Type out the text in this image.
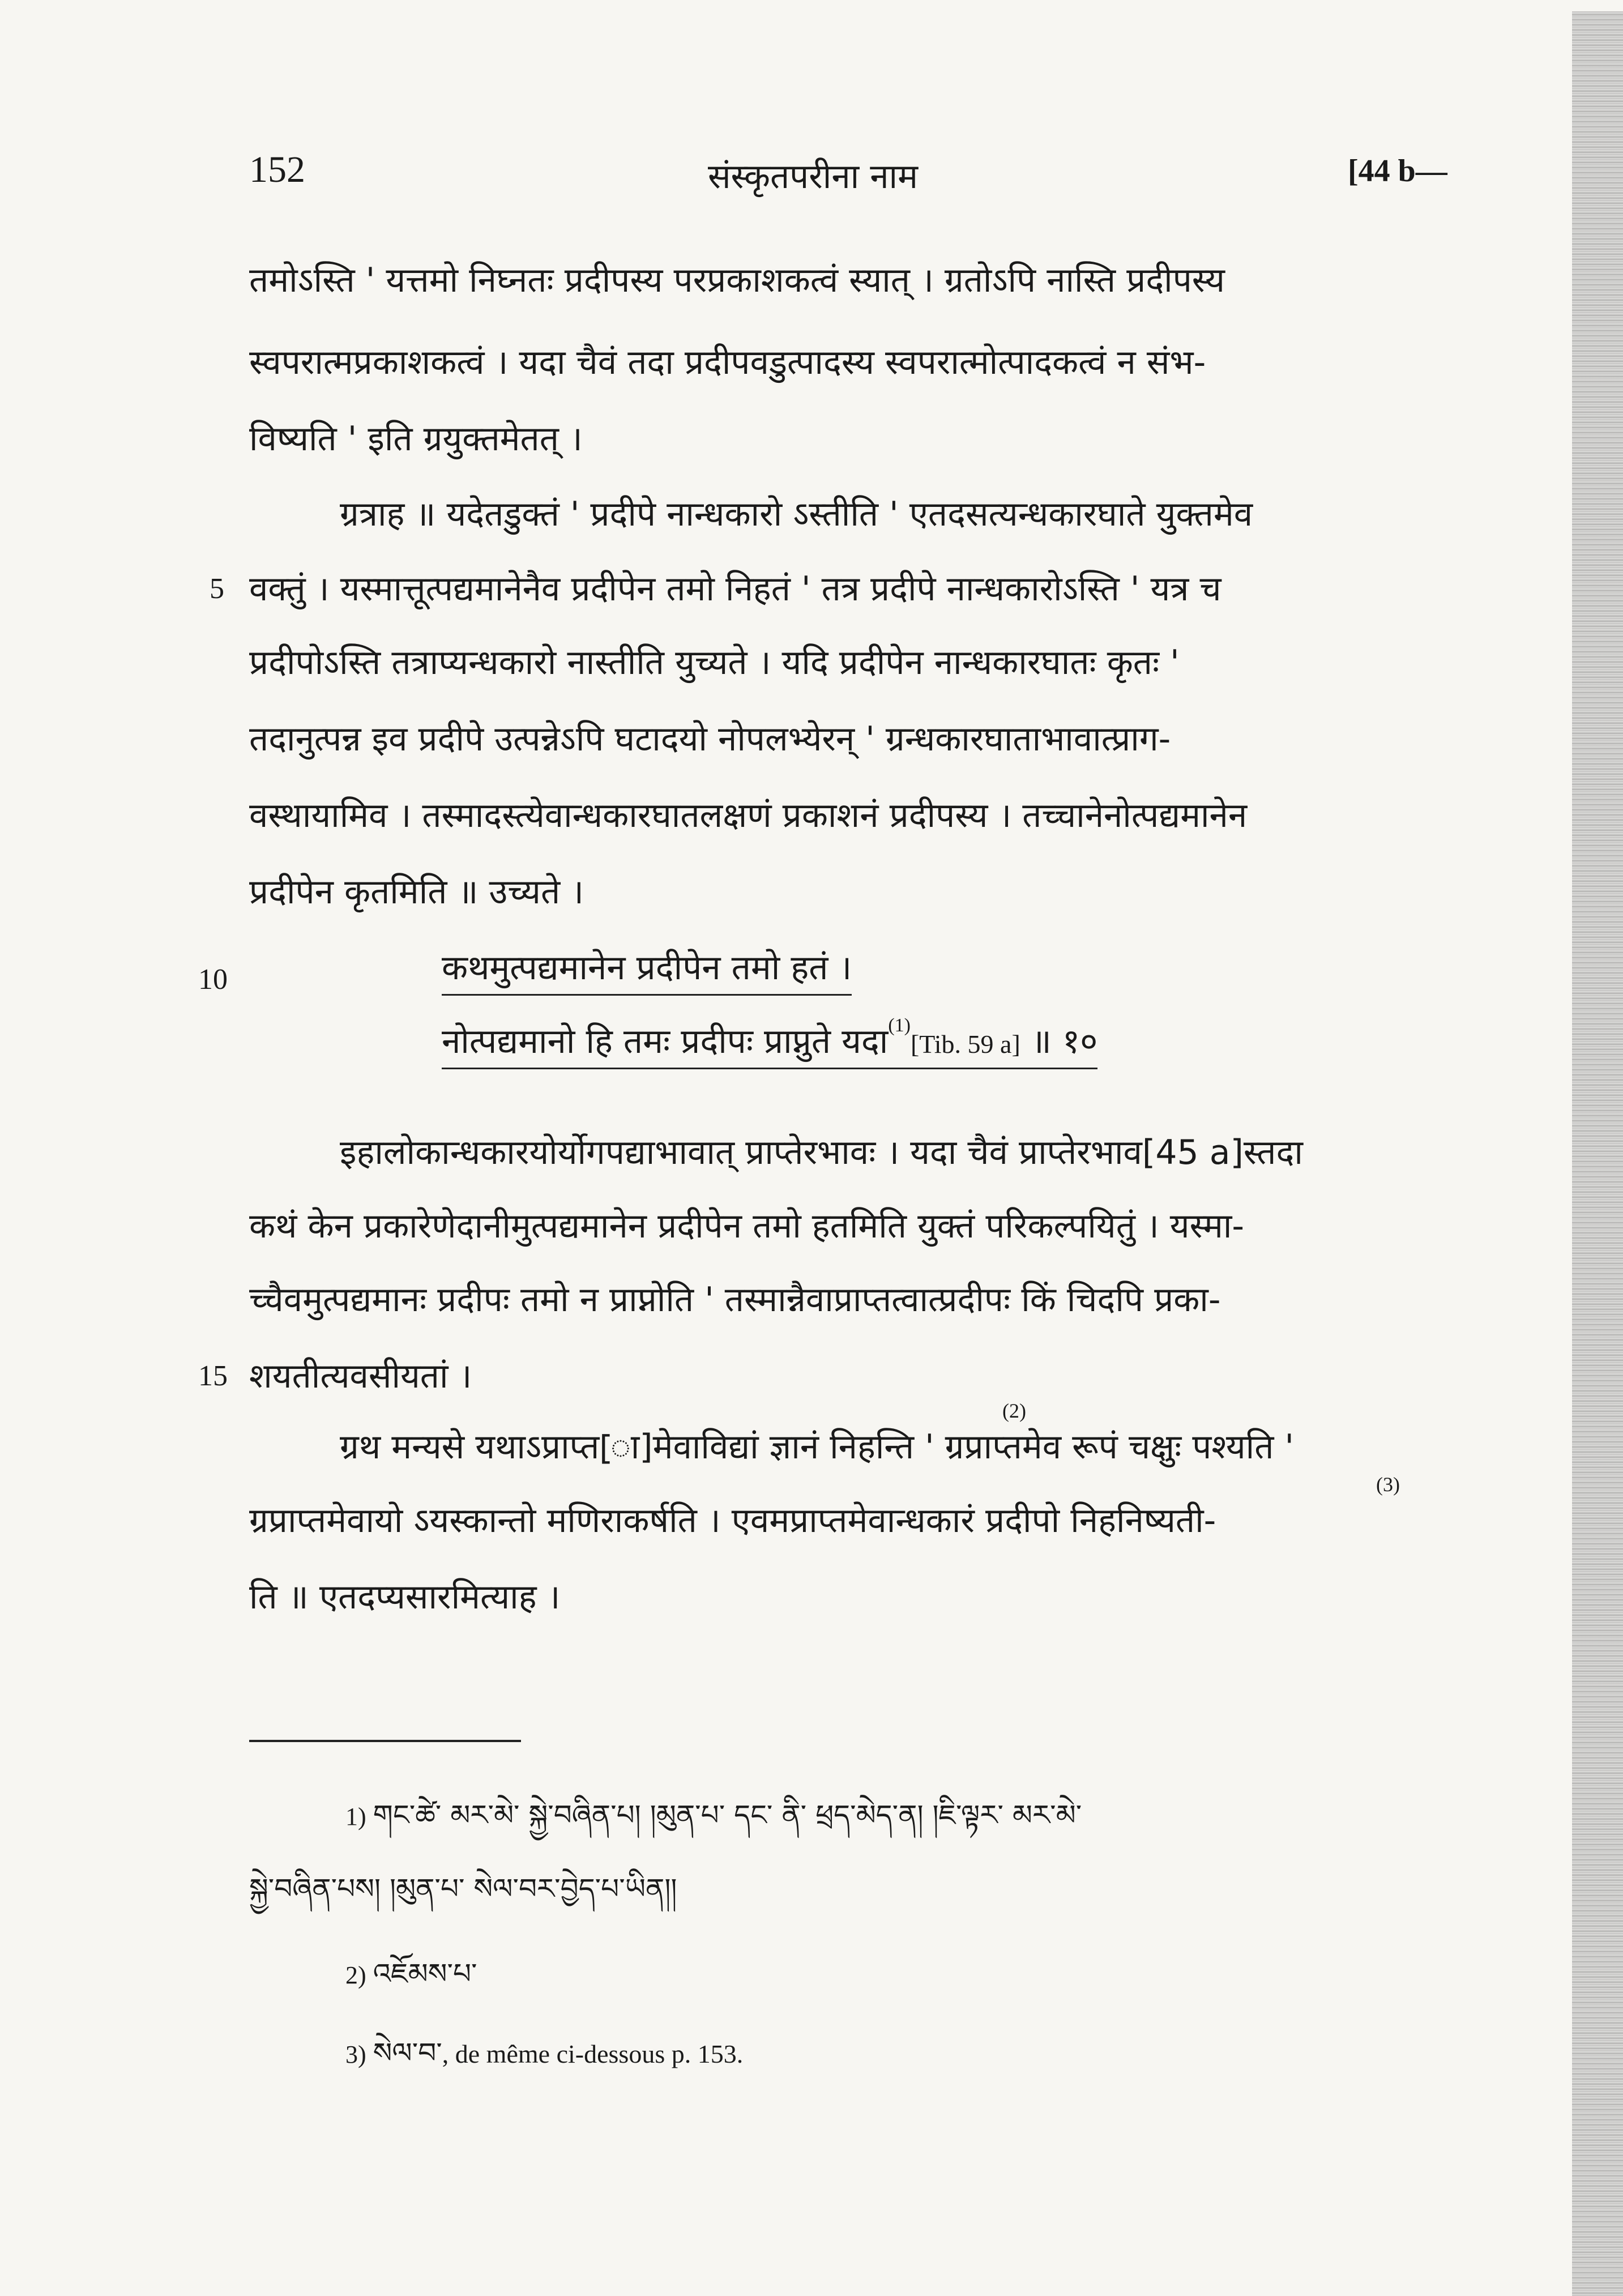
152	संस्कृतपरीना नाम	[44 b—
तमोऽस्ति ' यत्तमो निघ्नतः प्रदीपस्य परप्रकाशकत्वं स्यात् । ग्रतोऽपि नास्ति प्रदीपस्य
स्वपरात्मप्रकाशकत्वं । यदा चैवं तदा प्रदीपवडुत्पादस्य स्वपरात्मोत्पादकत्वं न संभ-
विष्यति ' इति ग्रयुक्तमेतत् ।
ग्रत्राह ॥ यदेतडुक्तं ' प्रदीपे नान्धकारो ऽस्तीति ' एतदसत्यन्धकारघाते युक्तमेव
5 वक्तुं । यस्मात्तूत्पद्यमानेनैव प्रदीपेन तमो निहतं ' तत्र प्रदीपे नान्धकारोऽस्ति ' यत्र च
प्रदीपोऽस्ति तत्राप्यन्धकारो नास्तीति युच्यते । यदि प्रदीपेन नान्धकारघातः कृतः '
तदानुत्पन्न इव प्रदीपे उत्पन्नेऽपि घटादयो नोपलभ्येरन् ' ग्रन्धकारघाताभावात्प्राग-
वस्थायामिव । तस्मादस्त्येवान्धकारघातलक्षणं प्रकाशनं प्रदीपस्य । तच्चानेनोत्पद्यमानेन
प्रदीपेन कृतमिति ॥ उच्यते ।
10	कथमुत्पद्यमानेन प्रदीपेन तमो हतं ।
नोत्पद्यमानो हि तमः प्रदीपः प्राप्नुते यदा$^{(1)}$[Tib. 59 a] ॥ १०
इहालोकान्धकारयोर्योगपद्याभावात् प्राप्तेरभावः । यदा चैवं प्राप्तेरभाव[45 a]स्तदा
कथं केन प्रकारेणेदानीमुत्पद्यमानेन प्रदीपेन तमो हतमिति युक्तं परिकल्पयितुं । यस्मा-
च्चैवमुत्पद्यमानः प्रदीपः तमो न प्राप्नोति ' तस्मान्नैवाप्राप्तत्वात्प्रदीपः किं चिदपि प्रका-
15 शयतीत्यवसीयतां ।
(2)
ग्रथ मन्यसे यथाऽप्राप्त[ा]मेवाविद्यां ज्ञानं निहन्ति ' ग्रप्राप्तमेव रूपं चक्षुः पश्यति '
(3)
ग्रप्राप्तमेवायो ऽयस्कान्तो मणिराकर्षति । एवमप्राप्तमेवान्धकारं प्रदीपो निहनिष्यती-
ति ॥ एतदप्यसारमित्याह ।
1) གང་ཚེ་ མར་མེ་ སྐྱེ་བཞིན་པ། །མུན་པ་ དང་ ནི་ ཕྲད་མེད་ན། །ཇི་ལྟར་ མར་མེ་
སྐྱེ་བཞིན་པས། །མུན་པ་ སེལ་བར་བྱེད་པ་ཡིན།།
2) འཇོམས་པ་
3) སེལ་བ་, de même ci-dessous p. 153.
